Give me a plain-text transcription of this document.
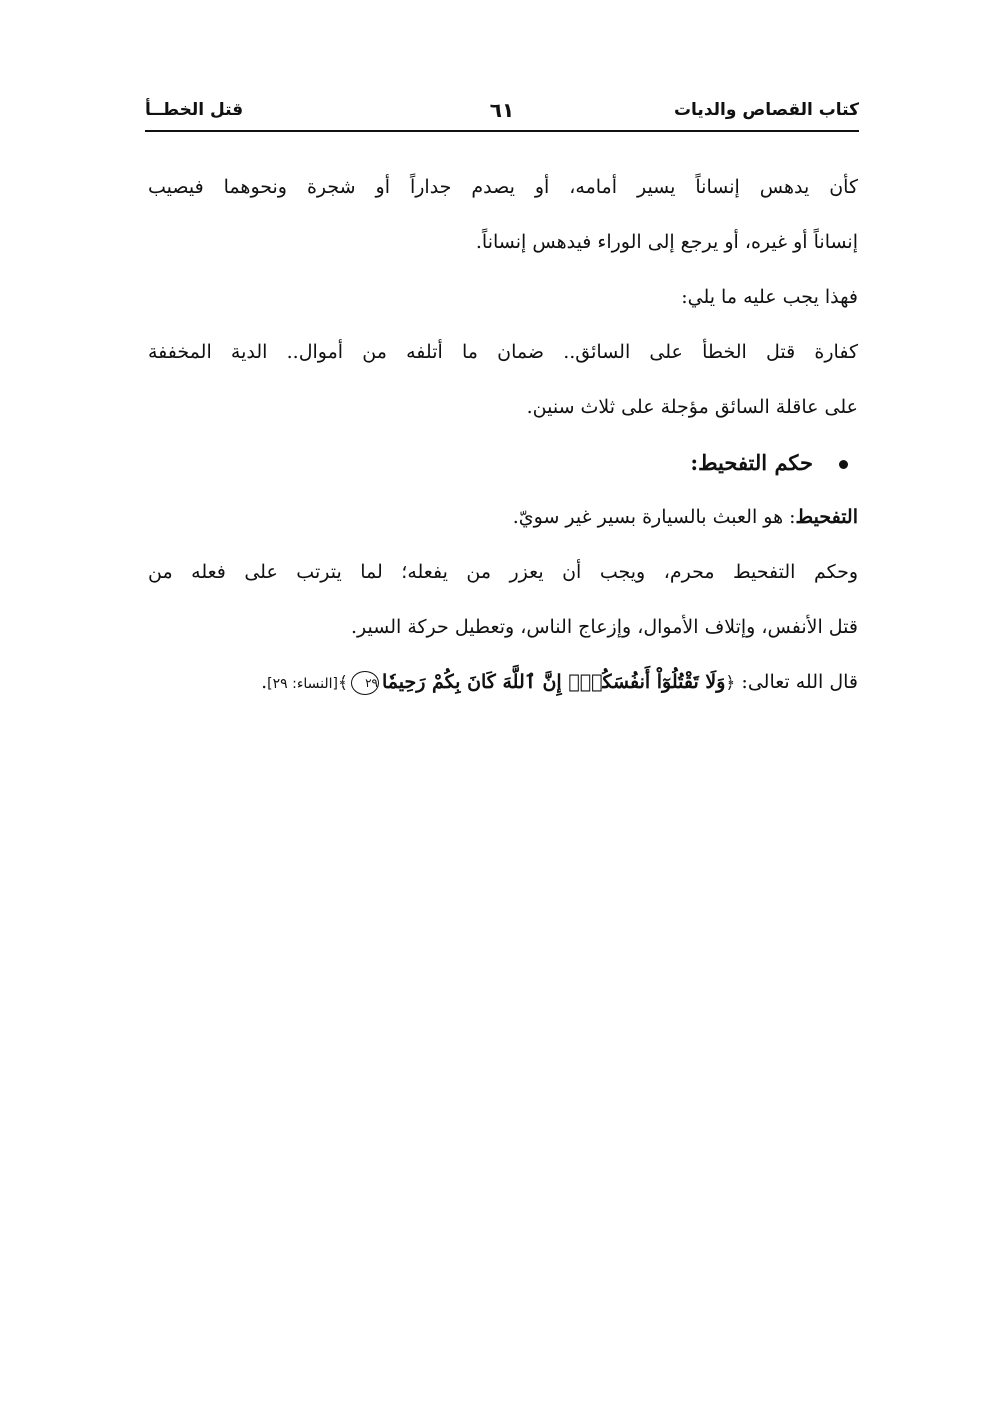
كتاب القصاص والديات
٦١
قتل الخطــأ

كأن يدهس إنساناً يسير أمامه، أو يصدم جداراً أو شجرة ونحوهما فيصيب
إنساناً أو غيره، أو يرجع إلى الوراء فيدهس إنساناً.

فهذا يجب عليه ما يلي:

كفارة قتل الخطأ على السائق.. ضمان ما أتلفه من أموال.. الدية المخففة
على عاقلة السائق مؤجلة على ثلاث سنين.

حكم التفحيط:

التفحيط: هو العبث بالسيارة بسير غير سويّ.

وحكم التفحيط محرم، ويجب أن يعزر من يفعله؛ لما يترتب على فعله من
قتل الأنفس، وإتلاف الأموال، وإزعاج الناس، وتعطيل حركة السير.

قال الله تعالى: ﴿وَلَا تَقْتُلُوٓاْ أَنفُسَكُمْۚ إِنَّ ٱللَّهَ كَانَ بِكُمْ رَحِيمٗا٢٩﴾[النساء: ٢٩].
